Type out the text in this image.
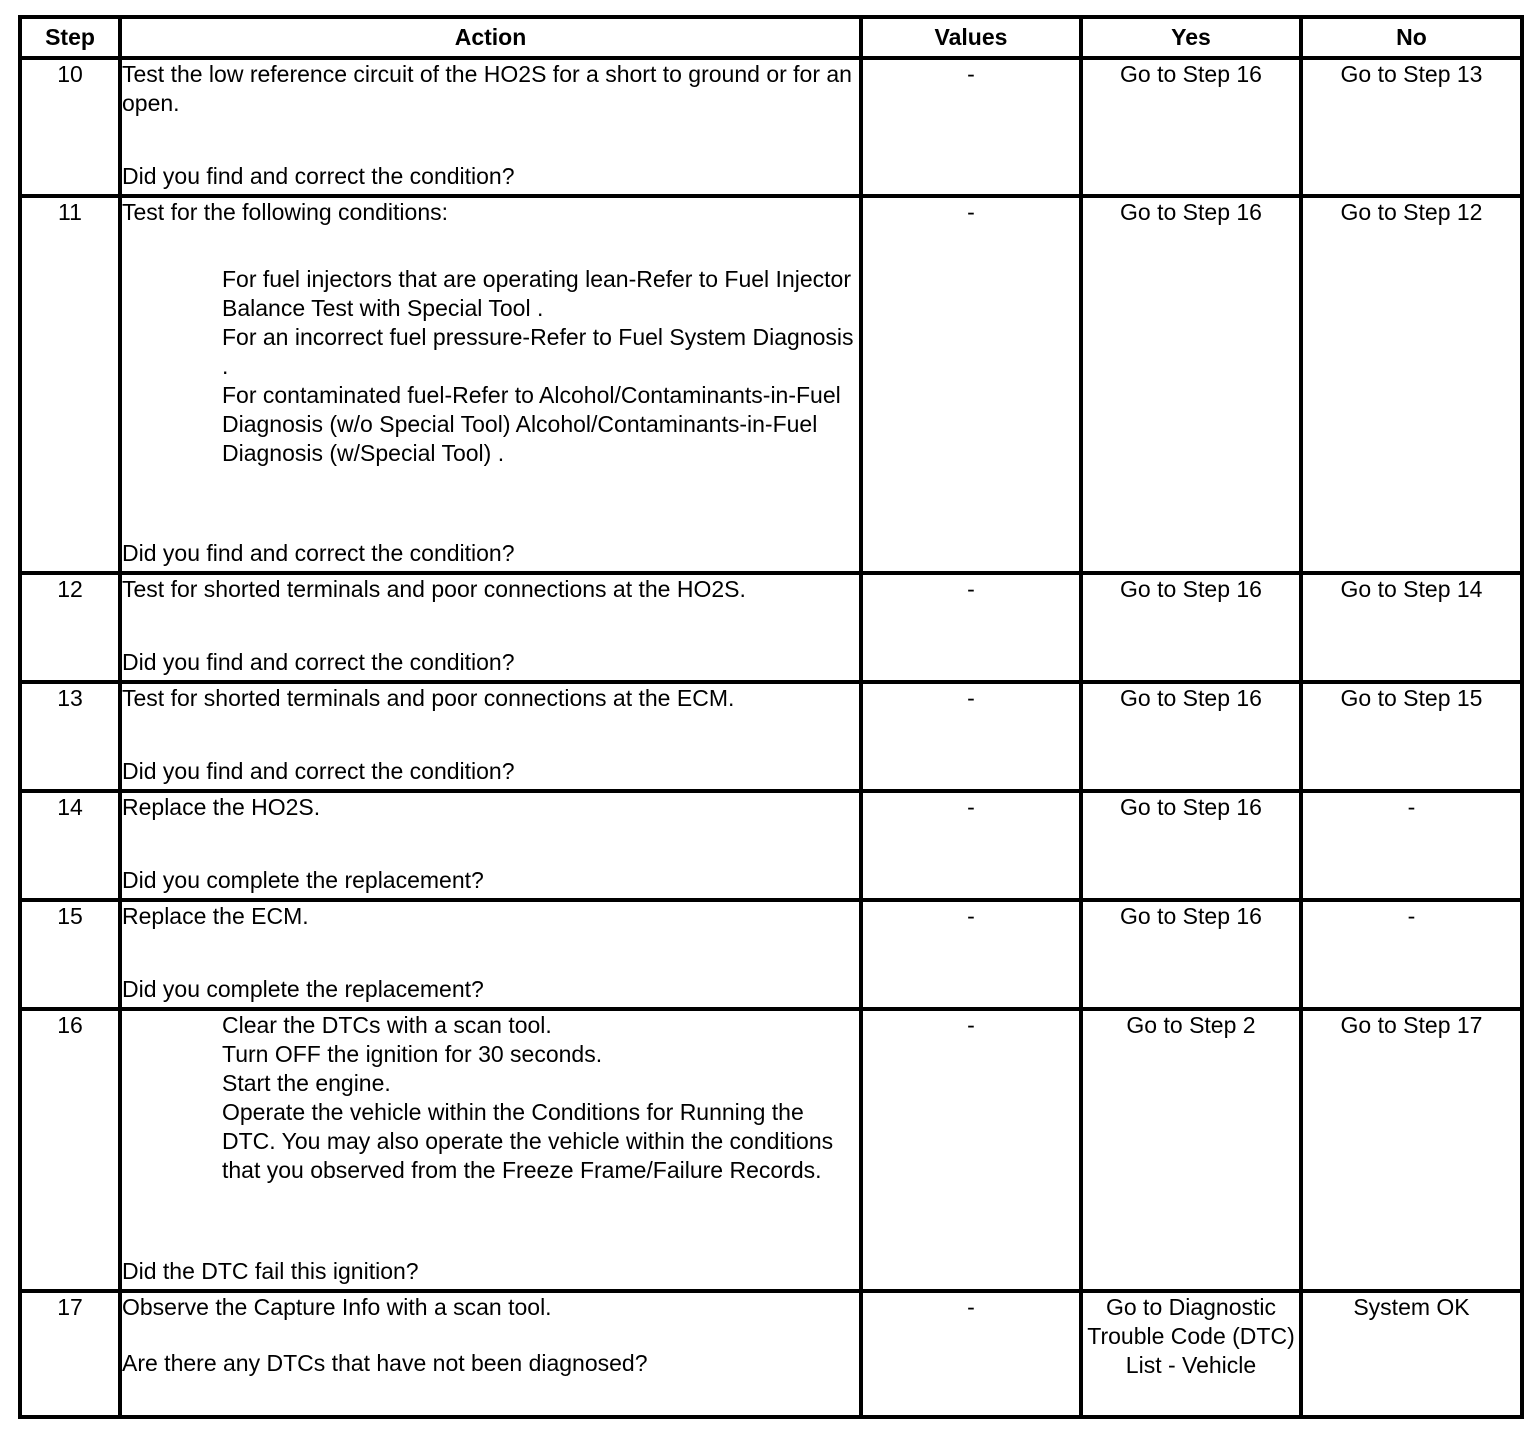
Step	Action	Values	Yes	No
10	Test the low reference circuit of the HO2S for a short to ground or for an open.
Did you find and correct the condition?	-	Go to Step 16	Go to Step 13
11	Test for the following conditions:

For fuel injectors that are operating lean-Refer to Fuel Injector Balance Test with Special Tool .

For an incorrect fuel pressure-Refer to Fuel System Diagnosis .

For contaminated fuel-Refer to Alcohol/Contaminants-in-Fuel Diagnosis (w/o Special Tool) Alcohol/Contaminants-in-Fuel Diagnosis (w/Special Tool) .

Did you find and correct the condition?	-	Go to Step 16	Go to Step 12
12	Test for shorted terminals and poor connections at the HO2S.
Did you find and correct the condition?	-	Go to Step 16	Go to Step 14
13	Test for shorted terminals and poor connections at the ECM.
Did you find and correct the condition?	-	Go to Step 16	Go to Step 15
14	Replace the HO2S.
Did you complete the replacement?	-	Go to Step 16	-
15	Replace the ECM.
Did you complete the replacement?	-	Go to Step 16	-
16	Clear the DTCs with a scan tool.

Turn OFF the ignition for 30 seconds.

Start the engine.

Operate the vehicle within the Conditions for Running the DTC. You may also operate the vehicle within the conditions that you observed from the Freeze Frame/Failure Records.

Did the DTC fail this ignition?	-	Go to Step 2	Go to Step 17
17	Observe the Capture Info with a scan tool.
Are there any DTCs that have not been diagnosed?	-	Go to Diagnostic Trouble Code (DTC) List - Vehicle	System OK
